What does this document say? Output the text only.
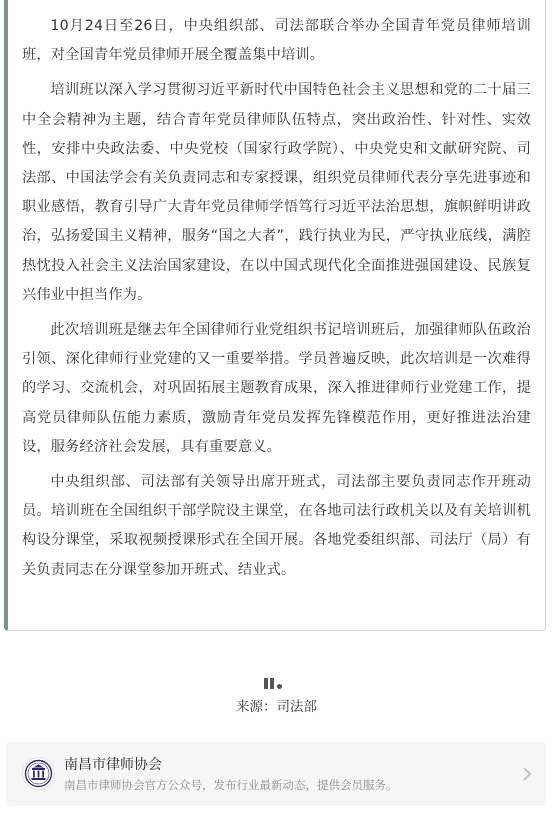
10月24日至26日，中央组织部、司法部联合举办全国青年党员律师培训班，对全国青年党员律师开展全覆盖集中培训。

培训班以深入学习贯彻习近平新时代中国特色社会主义思想和党的二十届三中全会精神为主题，结合青年党员律师队伍特点，突出政治性、针对性、实效性，安排中央政法委、中央党校（国家行政学院）、中央党史和文献研究院、司法部、中国法学会有关负责同志和专家授课，组织党员律师代表分享先进事迹和职业感悟，教育引导广大青年党员律师学悟笃行习近平法治思想，旗帜鲜明讲政治，弘扬爱国主义精神，服务“国之大者”，践行执业为民，严守执业底线，满腔热忱投入社会主义法治国家建设，在以中国式现代化全面推进强国建设、民族复兴伟业中担当作为。

此次培训班是继去年全国律师行业党组织书记培训班后，加强律师队伍政治引领、深化律师行业党建的又一重要举措。学员普遍反映，此次培训是一次难得的学习、交流机会，对巩固拓展主题教育成果，深入推进律师行业党建工作，提高党员律师队伍能力素质，激励青年党员发挥先锋模范作用，更好推进法治建设，服务经济社会发展，具有重要意义。

中央组织部、司法部有关领导出席开班式，司法部主要负责同志作开班动员。培训班在全国组织干部学院设主课堂，在各地司法行政机关以及有关培训机构设分课堂，采取视频授课形式在全国开展。各地党委组织部、司法厅（局）有关负责同志在分课堂参加开班式、结业式。

来源：司法部
南昌市律师协会
南昌市律师协会官方公众号，发布行业最新动态，提供会员服务。
